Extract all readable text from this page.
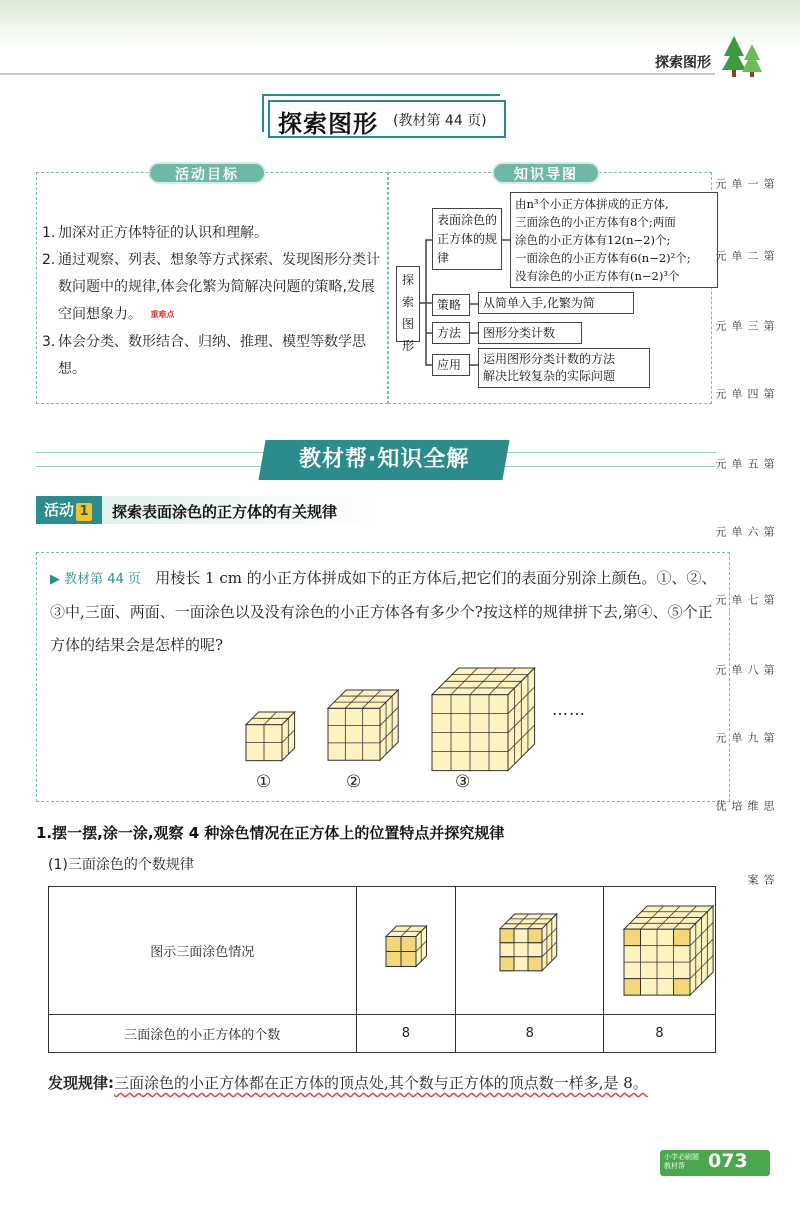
探索图形
探索图形 (教材第 44 页)
活动目标
1. 加深对正方体特征的认识和理解。
2. 通过观察、列表、想象等方式探索、发现图形分类计数问题中的规律,体会化繁为简解决问题的策略,发展空间想象力。 重难点
3. 体会分类、数形结合、归纳、推理、模型等数学思想。
知识导图
探索图形
表面涂色的正方体的规律
由n³个小正方体拼成的正方体,
三面涂色的小正方体有8个;两面
涂色的小正方体有12(n−2)个;
一面涂色的小正方体有6(n−2)²个;
没有涂色的小正方体有(n−2)³个
策略	从简单入手,化繁为简
方法	图形分类计数
应用	运用图形分类计数的方法
解决比较复杂的实际问题
教材帮·知识全解
活动 1	探索表面涂色的正方体的有关规律
▶ 教材第 44 页 用棱长 1 cm 的小正方体拼成如下的正方体后,把它们的表面分别涂上颜色。①、②、③中,三面、两面、一面涂色以及没有涂色的小正方体各有多少个?按这样的规律拼下去,第④、⑤个正方体的结果会是怎样的呢?
①	②	③
……
1.摆一摆,涂一涂,观察 4 种涂色情况在正方体上的位置特点并探究规律
(1)三面涂色的个数规律
图示三面涂色情况			
三面涂色的小正方体的个数	8	8	8
发现规律:三面涂色的小正方体都在正方体的顶点处,其个数与正方体的顶点数一样多,是 8。
第一单元
第二单元
第三单元
第四单元
第五单元
第六单元
第七单元
第八单元
第九单元
思维培优
答案
小学必刷题 教材帮	073
